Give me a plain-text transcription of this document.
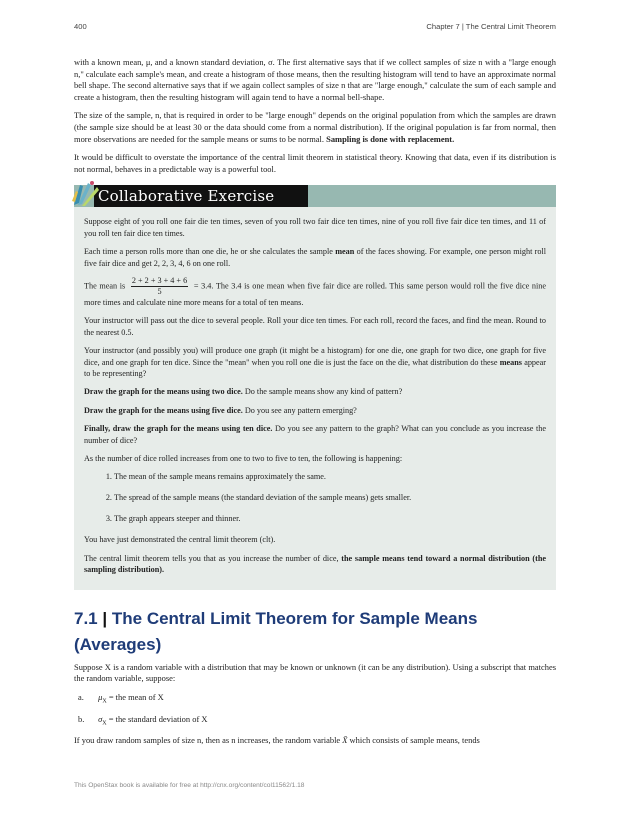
400	Chapter 7 | The Central Limit Theorem

with a known mean, μ, and a known standard deviation, σ. The first alternative says that if we collect samples of size n with a "large enough n," calculate each sample's mean, and create a histogram of those means, then the resulting histogram will tend to have an approximate normal bell shape. The second alternative says that if we again collect samples of size n that are "large enough," calculate the sum of each sample and create a histogram, then the resulting histogram will again tend to have a normal bell-shape.

The size of the sample, n, that is required in order to be "large enough" depends on the original population from which the samples are drawn (the sample size should be at least 30 or the data should come from a normal distribution). If the original population is far from normal, then more observations are needed for the sample means or sums to be normal. Sampling is done with replacement.

It would be difficult to overstate the importance of the central limit theorem in statistical theory. Knowing that data, even if its distribution is not normal, behaves in a predictable way is a powerful tool.

Collaborative Exercise

Suppose eight of you roll one fair die ten times, seven of you roll two fair dice ten times, nine of you roll five fair dice ten times, and 11 of you roll ten fair dice ten times.

Each time a person rolls more than one die, he or she calculates the sample mean of the faces showing. For example, one person might roll five fair dice and get 2, 2, 3, 4, 6 on one roll.

The mean is $\frac{2 + 2 + 3 + 4 + 6}{5} = 3.4$. The 3.4 is one mean when five fair dice are rolled. This same person would roll the five dice nine more times and calculate nine more means for a total of ten means.

Your instructor will pass out the dice to several people. Roll your dice ten times. For each roll, record the faces, and find the mean. Round to the nearest 0.5.

Your instructor (and possibly you) will produce one graph (it might be a histogram) for one die, one graph for two dice, one graph for five dice, and one graph for ten dice. Since the "mean" when you roll one die is just the face on the die, what distribution do these means appear to be representing?

Draw the graph for the means using two dice. Do the sample means show any kind of pattern?

Draw the graph for the means using five dice. Do you see any pattern emerging?

Finally, draw the graph for the means using ten dice. Do you see any pattern to the graph? What can you conclude as you increase the number of dice?

As the number of dice rolled increases from one to two to five to ten, the following is happening:

1. The mean of the sample means remains approximately the same.
2. The spread of the sample means (the standard deviation of the sample means) gets smaller.
3. The graph appears steeper and thinner.

You have just demonstrated the central limit theorem (clt).

The central limit theorem tells you that as you increase the number of dice, the sample means tend toward a normal distribution (the sampling distribution).

7.1 | The Central Limit Theorem for Sample Means (Averages)

Suppose X is a random variable with a distribution that may be known or unknown (it can be any distribution). Using a subscript that matches the random variable, suppose:

a. $\mu_X$ = the mean of X
b. $\sigma_X$ = the standard deviation of X

If you draw random samples of size n, then as n increases, the random variable X̄ which consists of sample means, tends

This OpenStax book is available for free at http://cnx.org/content/col11562/1.18
